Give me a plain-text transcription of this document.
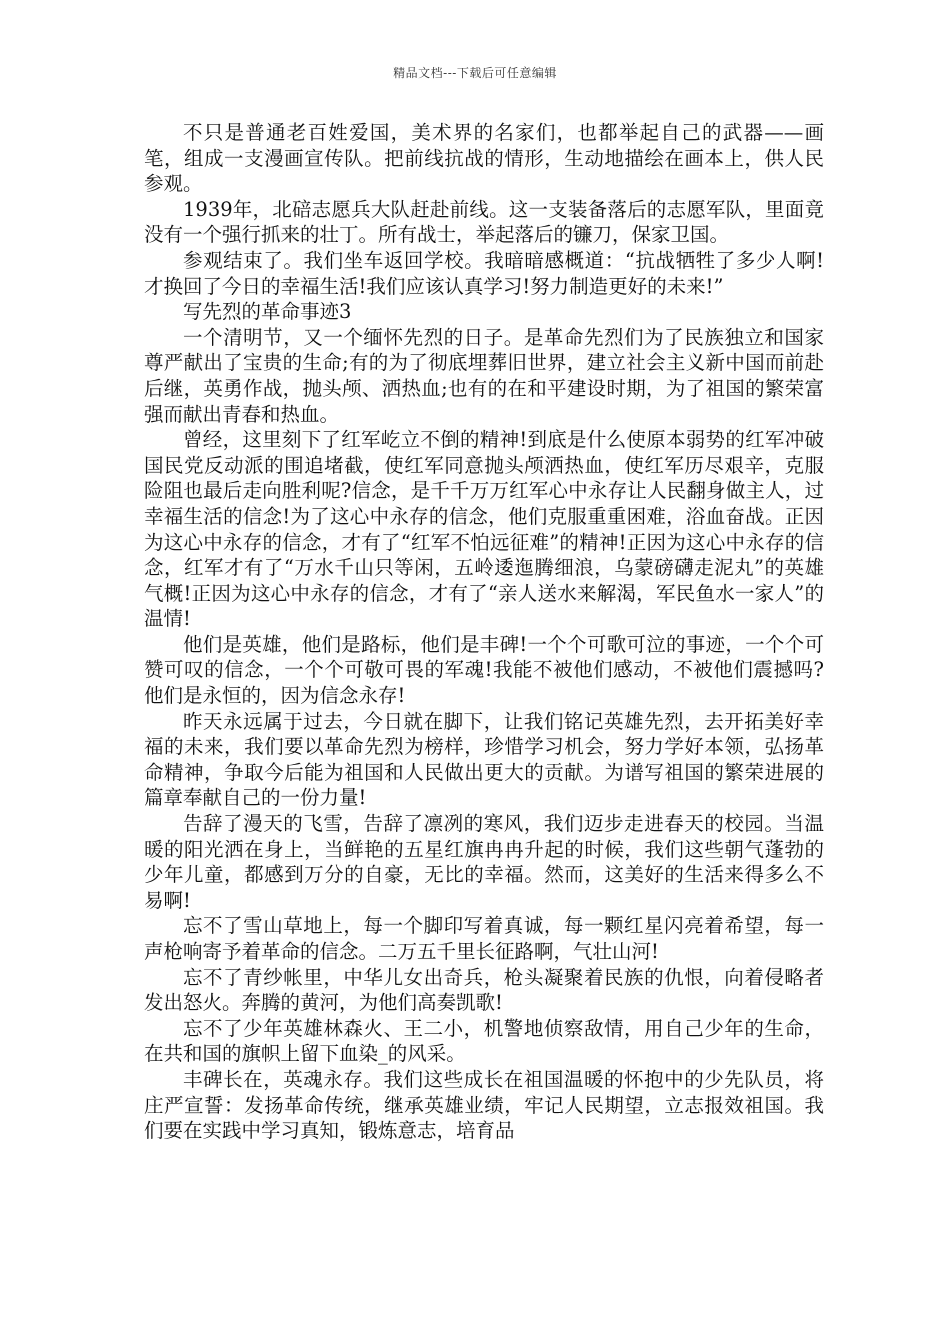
精品文档---下载后可任意编辑

不只是普通老百姓爱国，美术界的名家们，也都举起自己的武器——画笔，组成一支漫画宣传队。把前线抗战的情形，生动地描绘在画本上，供人民参观。

1939年，北碚志愿兵大队赶赴前线。这一支装备落后的志愿军队，里面竟没有一个强行抓来的壮丁。所有战士，举起落后的镰刀，保家卫国。

参观结束了。我们坐车返回学校。我暗暗感概道：“抗战牺牲了多少人啊!才换回了今日的幸福生活!我们应该认真学习!努力制造更好的未来!”

写先烈的革命事迹3

一个清明节，又一个缅怀先烈的日子。是革命先烈们为了民族独立和国家尊严献出了宝贵的生命;有的为了彻底埋葬旧世界，建立社会主义新中国而前赴后继，英勇作战，抛头颅、洒热血;也有的在和平建设时期，为了祖国的繁荣富强而献出青春和热血。

曾经，这里刻下了红军屹立不倒的精神!到底是什么使原本弱势的红军冲破国民党反动派的围追堵截，使红军同意抛头颅洒热血，使红军历尽艰辛，克服险阻也最后走向胜利呢?信念，是千千万万红军心中永存让人民翻身做主人，过幸福生活的信念!为了这心中永存的信念，他们克服重重困难，浴血奋战。正因为这心中永存的信念，才有了“红军不怕远征难”的精神!正因为这心中永存的信念，红军才有了“万水千山只等闲，五岭逶迤腾细浪，乌蒙磅礴走泥丸”的英雄气概!正因为这心中永存的信念，才有了“亲人送水来解渴，军民鱼水一家人”的温情!

他们是英雄，他们是路标，他们是丰碑!一个个可歌可泣的事迹，一个个可赞可叹的信念，一个个可敬可畏的军魂!我能不被他们感动，不被他们震撼吗?他们是永恒的，因为信念永存!

昨天永远属于过去，今日就在脚下，让我们铭记英雄先烈，去开拓美好幸福的未来，我们要以革命先烈为榜样，珍惜学习机会，努力学好本领，弘扬革命精神，争取今后能为祖国和人民做出更大的贡献。为谱写祖国的繁荣进展的篇章奉献自己的一份力量!

告辞了漫天的飞雪，告辞了凛冽的寒风，我们迈步走进春天的校园。当温暖的阳光洒在身上，当鲜艳的五星红旗冉冉升起的时候，我们这些朝气蓬勃的少年儿童，都感到万分的自豪，无比的幸福。然而，这美好的生活来得多么不易啊!

忘不了雪山草地上，每一个脚印写着真诚，每一颗红星闪亮着希望，每一声枪响寄予着革命的信念。二万五千里长征路啊，气壮山河!

忘不了青纱帐里，中华儿女出奇兵，枪头凝聚着民族的仇恨，向着侵略者发出怒火。奔腾的黄河，为他们高奏凯歌!

忘不了少年英雄林森火、王二小，机警地侦察敌情，用自己少年的生命，在共和国的旗帜上留下血染_的风采。

丰碑长在，英魂永存。我们这些成长在祖国温暖的怀抱中的少先队员，将庄严宣誓：发扬革命传统，继承英雄业绩，牢记人民期望，立志报效祖国。我们要在实践中学习真知，锻炼意志，培育品
